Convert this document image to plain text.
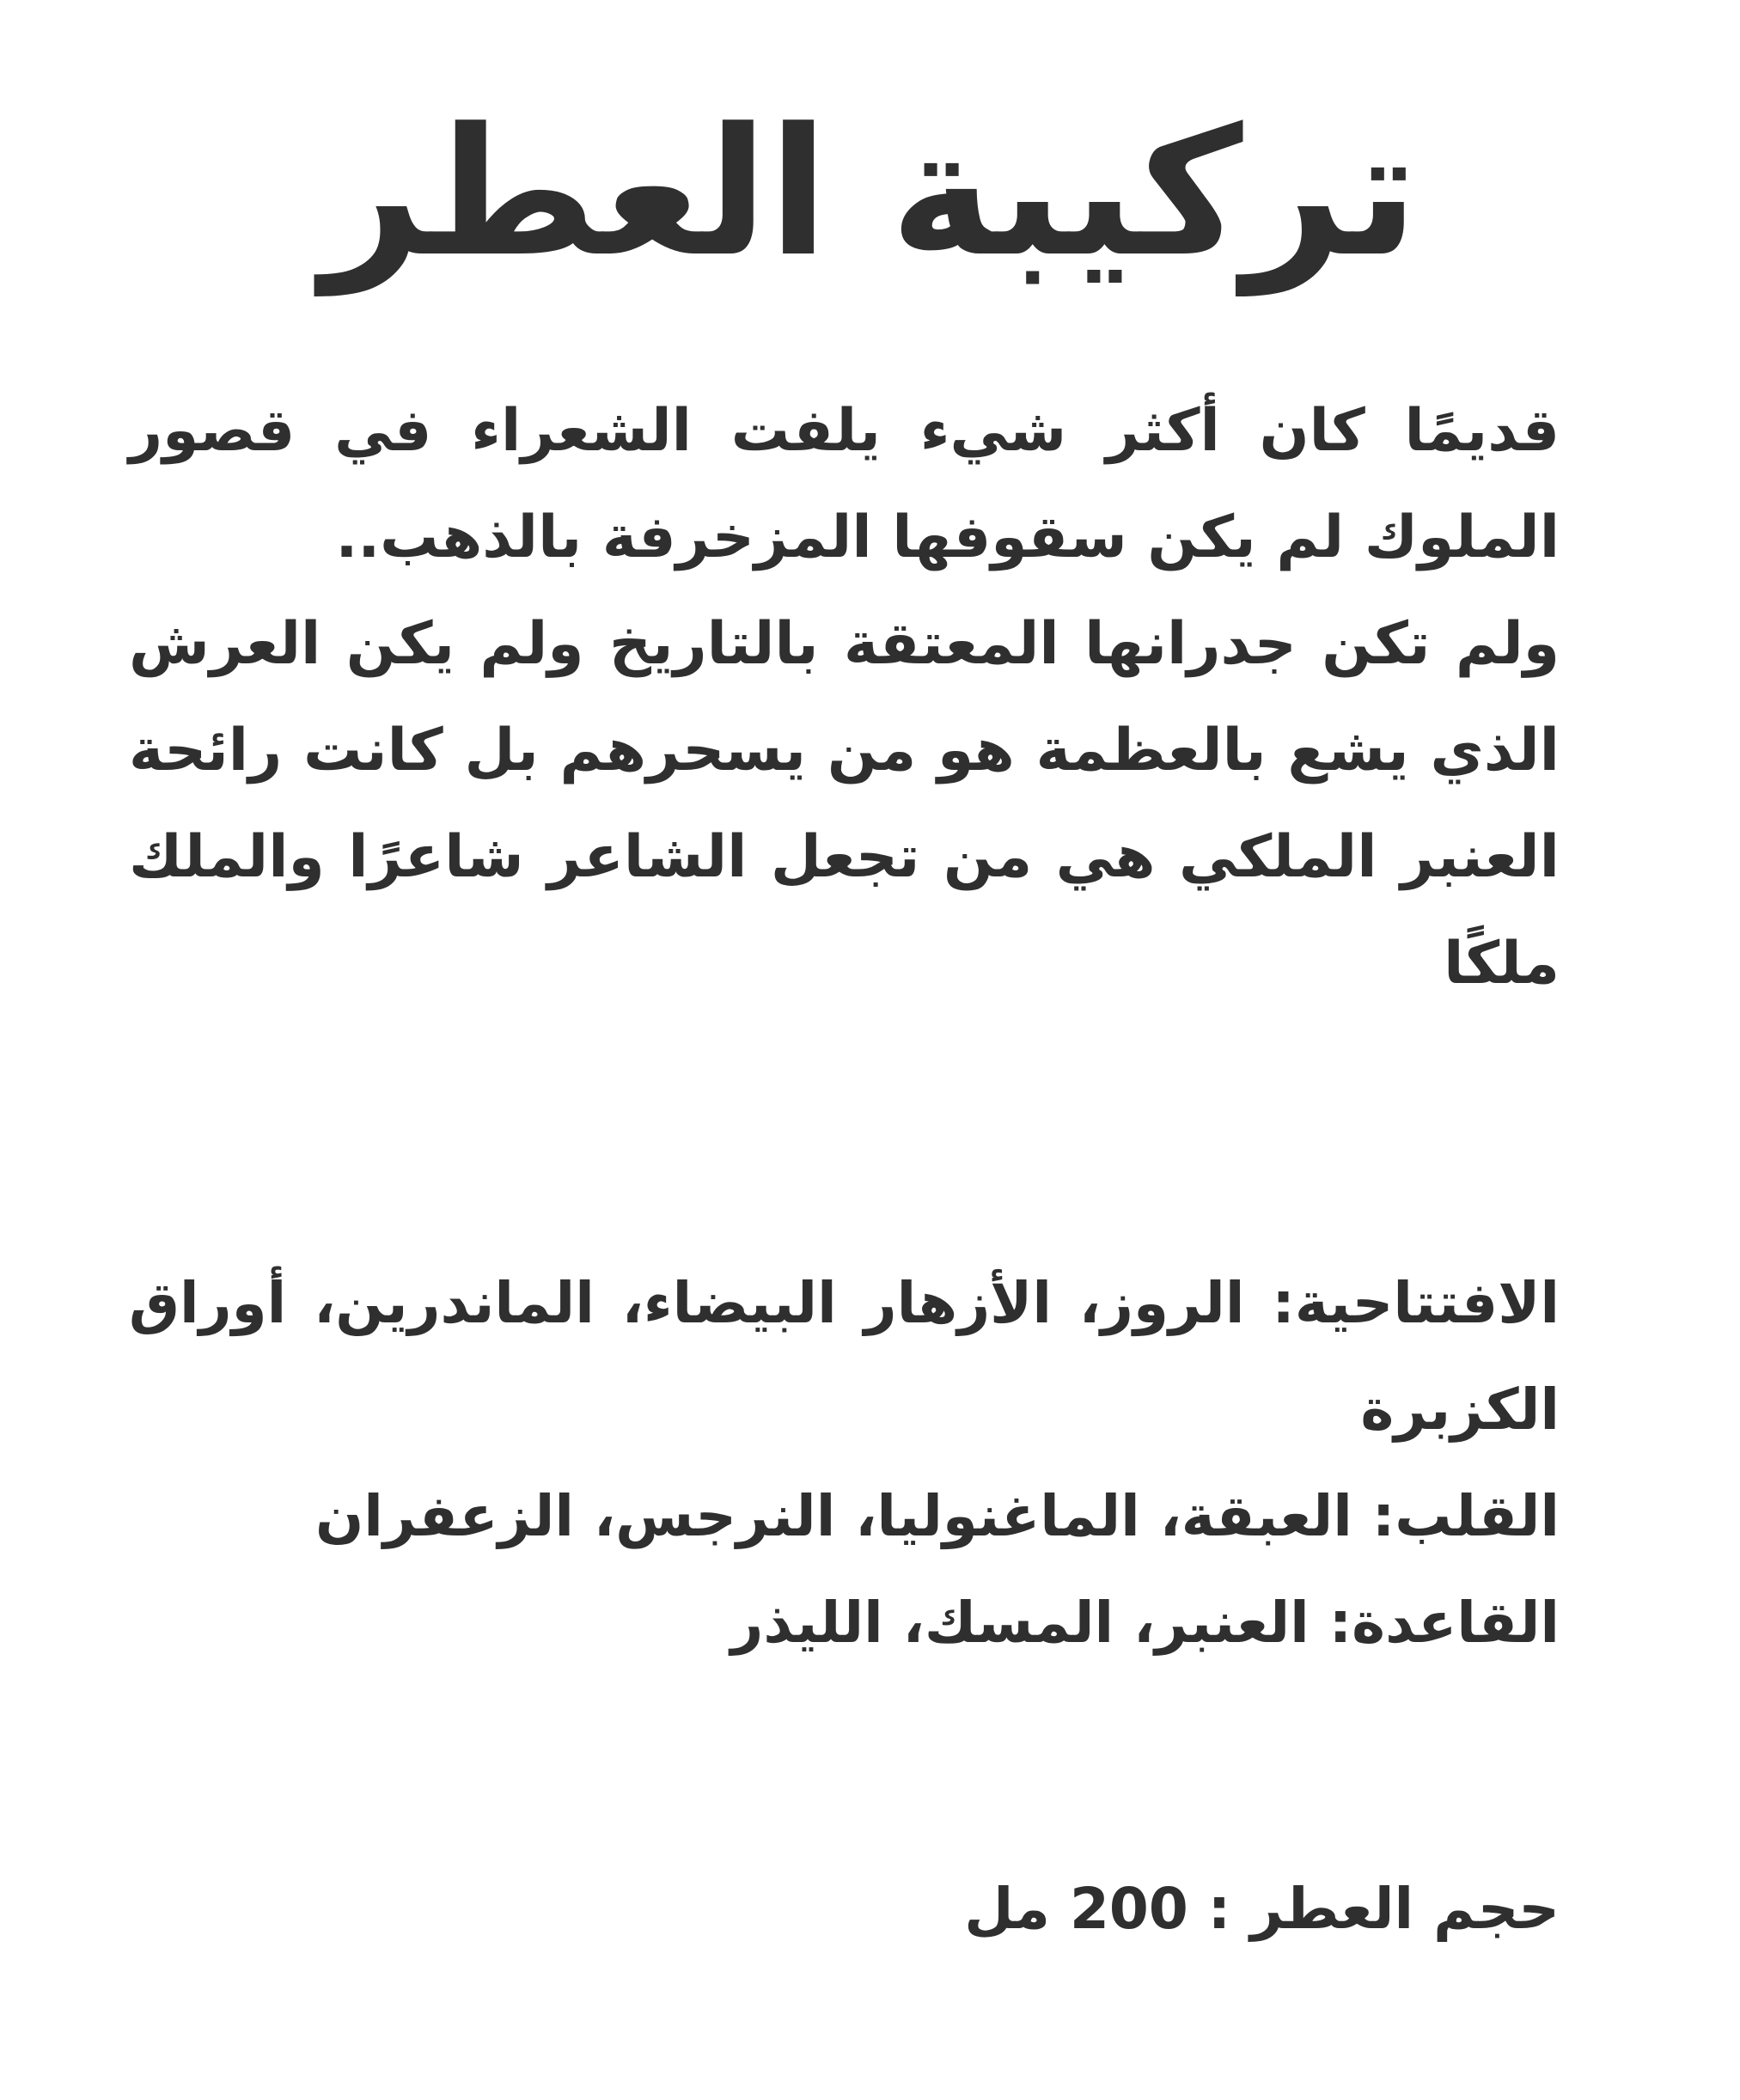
تركيبة العطر

قديمًا كان أكثر شيء يلفت الشعراء في قصور الملوك لم يكن سقوفها المزخرفة بالذهب..

ولم تكن جدرانها المعتقة بالتاريخ ولم يكن العرش الذي يشع بالعظمة هو من يسحرهم بل كانت رائحة العنبر الملكي هي من تجعل الشاعر شاعرًا والملك ملكًا

الافتتاحية: الروز، الأزهار البيضاء، الماندرين، أوراق الكزبرة

القلب: العبقة، الماغنوليا، النرجس، الزعفران

القاعدة: العنبر، المسك، الليذر

حجم العطر : 200 مل
